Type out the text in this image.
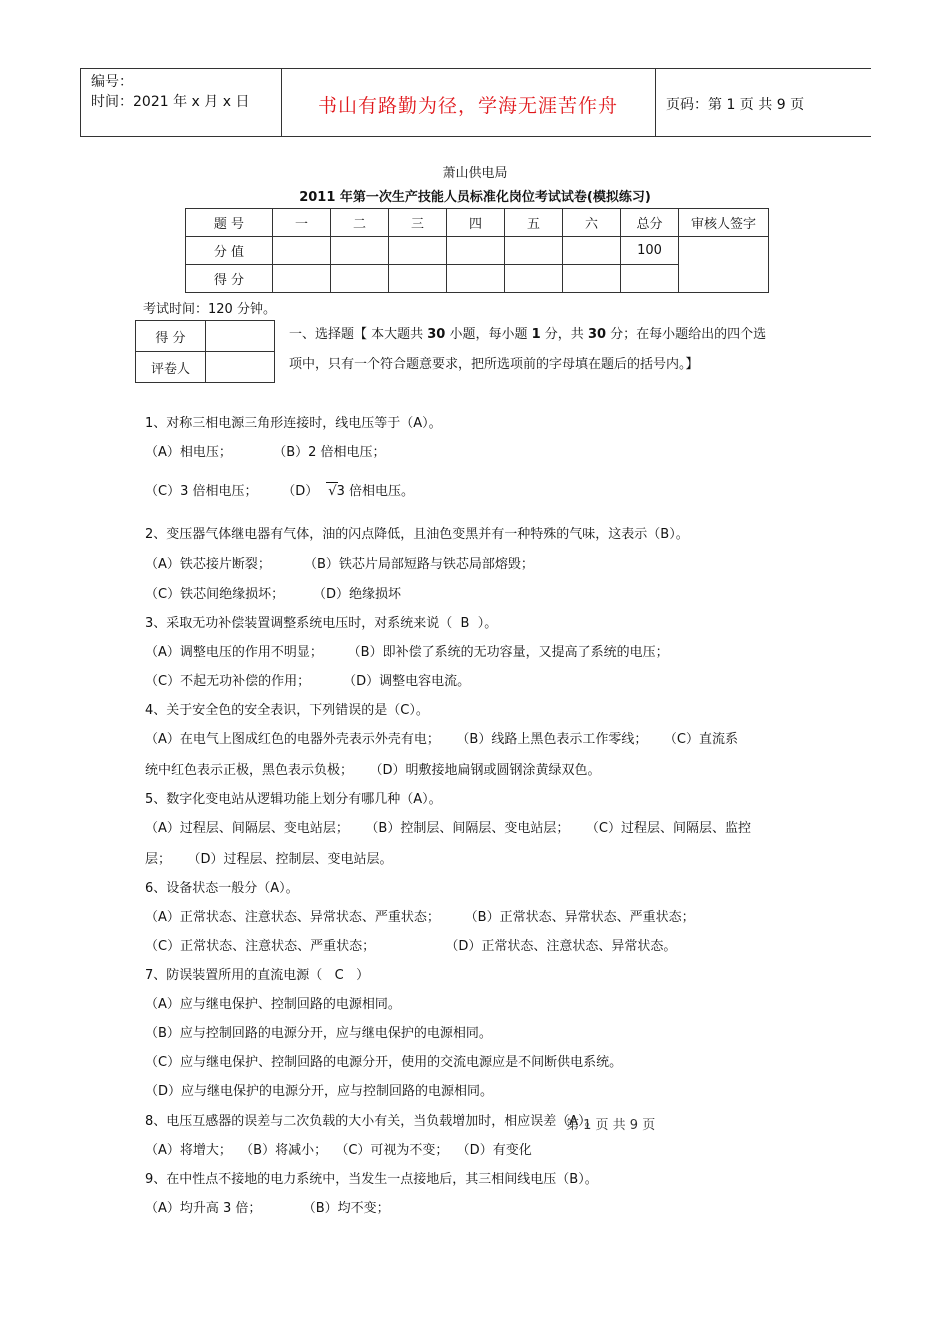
编号：
时间：2021 年 x 月 x 日	书山有路勤为径，学海无涯苦作舟	页码：第 1 页 共 9 页
萧山供电局
2011 年第一次生产技能人员标准化岗位考试试卷(模拟练习)
题 号	一	二	三	四	五	六	总分	审核人签字
分 值							100	
得 分								
考试时间：120 分钟。
得 分	
评卷人	
一、选择题【 本大题共 30 小题，每小题 1 分，共 30 分；在每小题给出的四个选
项中，只有一个符合题意要求，把所选项前的字母填在题后的括号内。】
1、对称三相电源三角形连接时，线电压等于（A）。
（A）相电压；          （B）2 倍相电压；
（C）3 倍相电压；      （D） √
3 倍相电压。
2、变压器气体继电器有气体，油的闪点降低，且油色变黑并有一种特殊的气味，这表示（B）。
（A）铁芯接片断裂；        （B）铁芯片局部短路与铁芯局部熔毁；
（C）铁芯间绝缘损坏；       （D）绝缘损坏
3、采取无功补偿装置调整系统电压时，对系统来说（  B  ）。
（A）调整电压的作用不明显；      （B）即补偿了系统的无功容量，又提高了系统的电压；
（C）不起无功补偿的作用；        （D）调整电容电流。
4、关于安全色的安全表识，下列错误的是（C）。
（A）在电气上图成红色的电器外壳表示外壳有电；    （B）线路上黑色表示工作零线；    （C）直流系
统中红色表示正极，黑色表示负极；    （D）明敷接地扁钢或圆钢涂黄绿双色。
5、数字化变电站从逻辑功能上划分有哪几种（A）。
（A）过程层、间隔层、变电站层；    （B）控制层、间隔层、变电站层；    （C）过程层、间隔层、监控
层；    （D）过程层、控制层、变电站层。
6、设备状态一般分（A）。
（A）正常状态、注意状态、异常状态、严重状态；      （B）正常状态、异常状态、严重状态；
（C）正常状态、注意状态、严重状态；                 （D）正常状态、注意状态、异常状态。
7、防误装置所用的直流电源（   C   ）
（A）应与继电保护、控制回路的电源相同。
（B）应与控制回路的电源分开，应与继电保护的电源相同。
（C）应与继电保护、控制回路的电源分开，使用的交流电源应是不间断供电系统。
（D）应与继电保护的电源分开，应与控制回路的电源相同。
8、电压互感器的误差与二次负载的大小有关，当负载增加时，相应误差（A）。
第 1 页 共 9 页
（A）将增大；  （B）将减小；  （C）可视为不变；  （D）有变化
9、在中性点不接地的电力系统中，当发生一点接地后，其三相间线电压（B）。
（A）均升高 3 倍；          （B）均不变；
